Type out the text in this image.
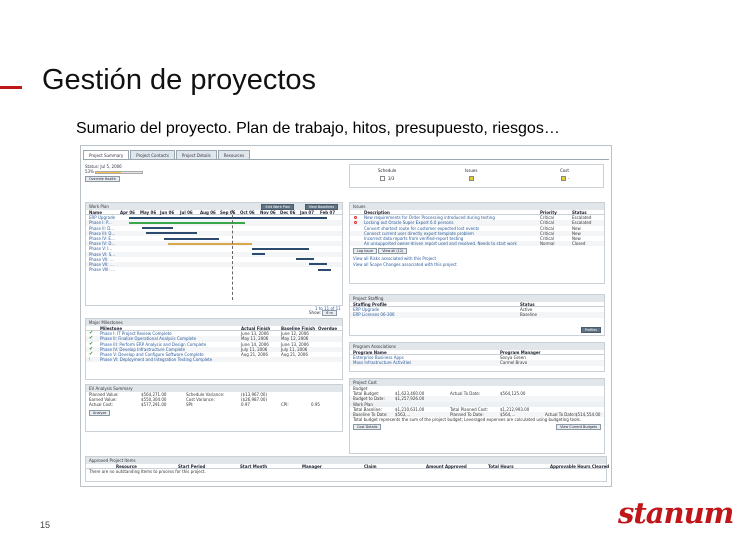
Gestión de proyectos
Sumario del proyecto. Plan de trabajo, hitos, presupuesto, riesgos…
Project Summary	Project Contacts	Project Details	Resources
Status: Jul 5, 2006
53%
Override Health
Schedule	Issues	Cost
3/3	-
Work Plan	Edit Work Plan	View Baselines
Name	Apr 06	May 06 Jun 06	Jul 06	Aug 06	Sep 06	Oct 06	Nov 06	Dec 06	Jan 07	Feb 07
ERP Upgrade
Phase I: P...
Phase II: D...
Phase III: D...
Phase IV: E...
Phase IV: D...
Phase V: I...
Phase VI: S...
Phase VII: ...
Phase VII: ...
Phase VIII: ...
Major Milestones
Milestone	Actual Finish	Baseline Finish Overdue
✔	Phase I: IT Project Review Complete	June 13, 2006	June 12, 2006
✔	Phase II: Finalize Operational Analysis Complete	May 11, 2006	May 12, 2006
✔	Phase III: Perform ERP Analysis and Design Complete	June 14, 2006	June 13, 2006
✔	Phase IV: Develop Infrastructure Complete	July 11, 2006	July 11, 2006
✔	Phase V: Develop and Configure Software Complete	Aug 21, 2006	Aug 21, 2006
!	Phase VI: Deployment and Integration Testing Complete
Show: 6 m
1 to 11 of 11
EV Analysis Summary
Planned Value:	$564,271.00	Schedule Variance:	($13,967.00)
Earned Value:	$550,304.00	Cost Variance:	($26,987.00)
Actual Cost:	$577,291.00	SPI:	0.97	CPI:	0.95
Analyze
Approved Project Items
Resource	Start Period	Start Month	Manager	Claim	Amount Approved	Total Hours	Approvable Hours Cleared
There are no outstanding Items to process for this project.
Issues
Description	Priority	Status
New requirements for Order Processing introduced during testing	Critical	Escalated
Locking out Oracle Super Export 6.0 persons	Critical	Escalated
Convert shortest route for customer expected lost events	Critical	New
Connect current user directly export template problem	Critical	New
Incorrect data reports from verified-report testing	Critical	New
An unsupported owner-driven report used and resolved. Needs to start work	Normal	Closed
Log Issue	View all (12)
View all Risks associated with this Project
View all Scope Changes associated with this project
Project Staffing
Staffing Profile	Status
ERP Upgrade	Active
ERP Licenses 06-306	Baseline
Profiles
Program Associations
Program Name	Program Manager
Enterprise Business Apps	Sonya Green
Mass Infrastructure Activities	Carmel Bravo
Project Cost
Budget
Total Budget:	$1,623,460.00	Actual To Date:	$564,125.00
Budget to Date:	$1,257,926.00
Work Plan
Total Baseline:	$1,210,631.00	Total Planned Cost:	$1,212,993.00
Baseline To Date:	$563,...	Planned To Date:	$564,...	Actual To Date: $514,554.00
Total budget represents the sum of the project budget; Leveraged expenses are calculated using budgeting tools.
Cost Details	View Current Budgets
15	stanum
